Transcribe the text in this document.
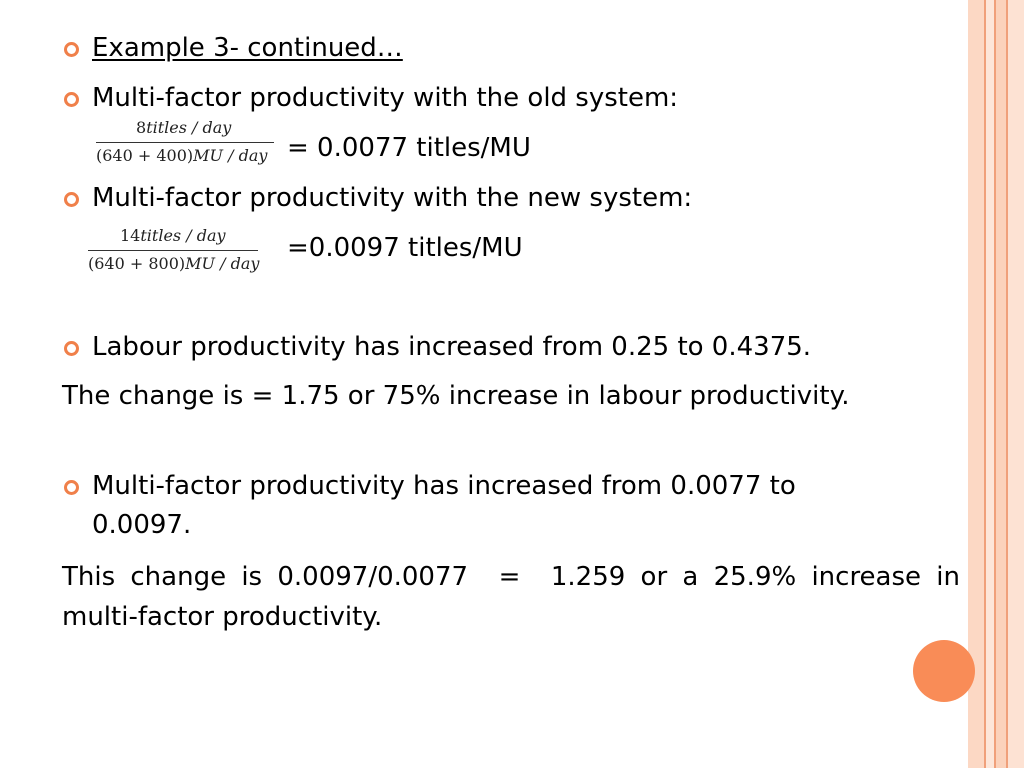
Example 3- continued…
Multi-factor productivity with the old system:
8titles / day
(640 + 400)MU / day = 0.0077 titles/MU
Multi-factor productivity with the new system:
14titles / day
(640 + 800)MU / day
=0.0097 titles/MU
Labour productivity has increased from 0.25 to 0.4375.
The change is = 1.75 or 75% increase in labour productivity.
Multi-factor productivity has increased from 0.0077 to
0.0097.
This change is 0.0097/0.0077  =  1.259 or a 25.9% increase in multi-factor productivity.
